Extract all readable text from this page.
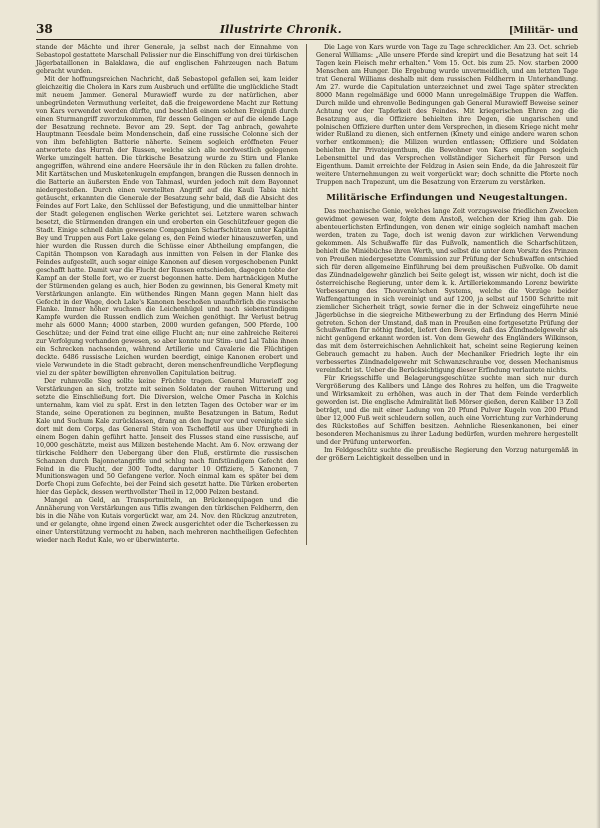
38	Illustrirte Chronik.	[Militär- und

stande der Mächte und ihrer Generale, ja selbst nach der Einnahme von Sebastopol gestattete Marschall Pelissier nur die Einschiffung von drei türkischen Jägerbataillonen in Balaklawa, die auf englischen Fahrzeugen nach Batum gebracht wurden.

Mit der hoffnungsreichen Nachricht, daß Sebastopol gefallen sei, kam leider gleichzeitig die Cholera in Kars zum Ausbruch und erfüllte die unglückliche Stadt mit neuem Jammer. General Murawieff wurde zu der natürlichen, aber unbegründeten Vermuthung verleitet, daß die freigewordene Macht zur Rettung von Kars verwendet werden dürfte, und beschloß einem solchen Ereigniß durch einen Sturmangriff zuvorzukommen, für dessen Gelingen er auf die elende Lage der Besatzung rechnete. Bevor am 29. Sept. der Tag anbrach, gewahrte Hauptmann Teesdale beim Mondenschein, daß eine russische Colonne sich der von ihm befehligten Batterie näherte. Seinem sogleich eröffneten Feuer antwortete das Hurrah der Russen, welche sich alle nordwestlich gelegenen Werke umzingelt hatten. Die türkische Besatzung wurde zu Stirn und Flanke angegriffen, während eine andere Heersäule ihr in den Rücken zu fallen drohte. Mit Kartätschen und Musketenkugeln empfangen, brangen die Russen dennoch in die Batterie an äußersten Ende von Tahmasl, wurden jedoch mit dem Bayonnet niedergestoßen. Durch einen verstellten Angriff auf die Kauli Tabia nicht getäuscht, erkannten die Generale der Besatzung sehr bald, daß die Absicht des Feindes auf Fort Lake, den Schlüssel der Befestigung, und die unmittelbar hinter der Stadt gelegenen englischen Werke gerichtet sei. Letztere waren schwach besetzt, die Stürmenden drangen ein und eroberten ein Geschützfeuer gegen die Stadt. Einige schnell dahin gewesene Compagnien Scharfschützen unter Kapitän Bey und Truppen aus Fort Lake gelang es, den Feind wieder hinauszuwerfen, und hier wurden die Russen durch die Schüsse einer Abtheilung empfangen, die Capitän Thompson von Karadagh aus inmitten von Felsen in der Flanke des Feindes aufgestellt, auch sogar einige Kanonen auf diesen vorgeschobenen Punkt geschafft hatte. Damit war die Flucht der Russen entschieden, dagegen tobte der Kampf an der Stelle fort, wo er zuerst begonnen hatte. Dem hartnäckigen Muthe der Stürmenden gelang es auch, hier Boden zu gewinnen, bis General Kmety mit Verstärkungen anlangte. Ein wüthendes Ringen Mann gegen Mann hielt das Gefecht in der Wage, doch Lake's Kanonen beschoßen unaufhörlich die russische Flanke. Immer höher wuchsen die Leichenhügel und nach siebenstündigem Kampfe wurden die Russen endlich zum Weichen genöthigt. Ihr Verlust betrug mehr als 6000 Mann; 4000 starben, 2000 wurden gefangen, 500 Pferde, 100 Geschütze; und der Feind trat eine eilige Flucht an; nur eine zahlreiche Reiterei zur Verfolgung vorhanden gewesen, so aber konnte nur Stim- und Lal Tabia ihnen ein Schrecken nachsenden, während Artillerie und Cavalerie die Flüchtigen deckte. 6486 russische Leichen wurden beerdigt, einige Kanonen erobert und viele Verwundete in die Stadt gebracht, deren menschenfreundliche Verpflegung viel zu der später bewilligten ehrenvollen Capitulation beitrug.

Der ruhmvolle Sieg sollte keine Früchte tragen. General Murawieff zog Verstärkungen an sich, trotzte mit seinen Soldaten der rauhen Witterung und setzte die Einschließung fort. Die Diversion, welche Omer Pascha in Kolchis unternahm, kam viel zu spät. Erst in den letzten Tagen des October war er im Stande, seine Operationen zu beginnen, mußte Besatzungen in Batum, Redut Kale und Suchum Kale zurücklassen, drang an den Ingur vor und vereinigte sich dort mit dem Corps, das General Stein von Tscheffetil aus über Ufurghedi in einem Bogen dahin geführt hatte. Jenseit des Flusses stand eine russische, auf 10,000 geschätzte, meist aus Milizen bestehende Macht. Am 6. Nov. erzwang der türkische Feldherr den Uebergang über den Fluß, erstürmte die russischen Schanzen durch Bajonnetangriffe und schlug nach fünfstündigem Gefecht den Feind in die Flucht, der 300 Todte, darunter 10 Offiziere, 5 Kanonen, 7 Munitionswagen und 50 Gefangene verlor. Noch einmal kam es später bei dem Dorfe Chopi zum Gefechte, bei der Feind sich gesetzt hatte. Die Türken eroberten hier das Gepäck, dessen werthvollster Theil in 12,000 Pelzen bestand.

Mangel an Geld, an Transportmitteln, an Brückenequipagen und die Annäherung von Verstärkungen aus Tiflis zwangen den türkischen Feldherrn, den bis in die Nähe von Kutais vorgerückt war, am 24. Nov. den Rückzug anzutreten, und er gelangte, ohne irgend einen Zweck ausgerichtet oder die Tscherkessen zu einer Unterstützung vermocht zu haben, nach mehreren nachtheiligen Gefechten wieder nach Redut Kale, wo er überwinterte.

Die Lage von Kars wurde von Tage zu Tage schrecklicher. Am 23. Oct. schrieb General Williams: „Alle unsere Pferde sind krepirt und die Besatzung hat seit 14 Tagen kein Fleisch mehr erhalten." Vom 15. Oct. bis zum 25. Nov. starben 2000 Menschen am Hunger. Die Ergebung wurde unvermeidlich, und am letzten Tage trat General Williams deshalb mit dem russischen Feldherrn in Unterhandlung. Am 27. wurde die Capitulation unterzeichnet und zwei Tage später streckten 8000 Mann regelmäßige und 6000 Mann unregelmäßige Truppen die Waffen. Durch milde und ehrenvolle Bedingungen gab General Murawieff Beweise seiner Achtung vor der Tapferkeit des Feindes. Mit kriegerischen Ehren zog die Besatzung aus, die Offiziere behielten ihre Degen, die ungarischen und polnischen Offiziere durften unter dem Versprechen, in diesem Kriege nicht mehr wider Rußland zu dienen, sich entfernen (Kmety und einige andere waren schon vorher entkommen); die Milizen wurden entlassen; Offiziere und Soldaten behielten ihr Privateigenthum, die Bewohner von Kars empfingen sogleich Lebensmittel und das Versprechen vollständiger Sicherheit für Person und Eigenthum. Damit erreichte der Feldzug in Asien sein Ende, da die Jahreszeit für weitere Unternehmungen zu weit vorgerückt war; doch schnitte die Pforte noch Truppen nach Trapezunt, um die Besatzung von Erzerum zu verstärken.

Militärische Erfindungen und Neugestaltungen.

Das mechanische Genie, welches lange Zeit vorzugsweise friedlichen Zwecken gewidmet gewesen war, folgte dem Anstoß, welchen der Krieg ihm gab. Die abenteuerlichsten Erfindungen, von denen wir einige sogleich namhaft machen werden, traten zu Tage, doch ist wenig davon zur wirklichen Verwendung gekommen. Als Schußwaffe für das Fußvolk, namentlich die Scharfschützen, behielt die Miniébüchse ihren Werth, und selbst die unter dem Vorsitz des Prinzen von Preußen niedergesetzte Commission zur Prüfung der Schußwaffen entschied sich für deren allgemeine Einführung bei dem preußischen Fußvolke. Ob damit das Zündnadelgewehr gänzlich bei Seite gelegt ist, wissen wir nicht, doch ist die österreichische Regierung, unter dem k. k. Artilleriekommando Lorenz bewirkte Verbesserung des Thouvenin'schen Systems, welche die Vorzüge beider Waffengattungen in sich vereinigt und auf 1200, ja selbst auf 1500 Schritte mit ziemlicher Sicherheit trägt, sowie ferner die in der Schweiz eingeführte neue Jägerbüchse in die siegreiche Mitbewerbung zu der Erfindung des Herrn Minié getreten. Schon der Umstand, daß man in Preußen eine fortgesetzte Prüfung der Schußwaffen für nöthig findet, liefert den Beweis, daß das Zündnadelgewehr als nicht genügend erkannt worden ist. Von dem Gewehr des Engländers Wilkinson, das mit dem österreichischen Aehnlichkeit hat, scheint seine Regierung keinen Gebrauch gemacht zu haben. Auch der Mechaniker Friedrich legte ihr ein verbessertes Zündnadelgewehr mit Schwanzschraube vor, dessen Mechanismus vereinfacht ist. Ueber die Berücksichtigung dieser Erfindung verlautete nichts.

Für Kriegsschiffe und Belagerungsgeschütze suchte man sich nur durch Vergrößerung des Kalibers und Länge des Rohres zu helfen, um die Tragweite und Wirksamkeit zu erhöhen, was auch in der That dem Feinde verderblich geworden ist. Die englische Admiralität ließ Mörser gießen, deren Kaliber 13 Zoll beträgt, und die mit einer Ladung von 20 Pfund Pulver Kugeln von 200 Pfund über 12,000 Fuß weit schleudern sollen, auch eine Vorrichtung zur Verhinderung des Rückstoßes auf Schiffen besitzen. Aehnliche Riesenkanonen, bei einer besonderen Mechanismus zu ihrer Ladung bedürfen, wurden mehrere hergestellt und der Prüfung unterworfen.

Im Feldgeschütz suchte die preußische Regierung den Vorzug naturgemäß in der größern Leichtigkeit desselben und in
